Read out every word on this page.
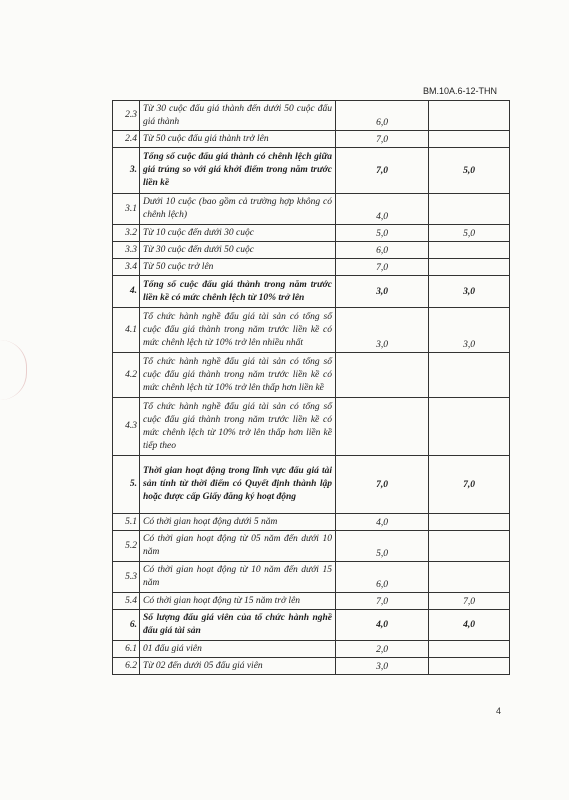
BM.10A.6-12-THN
2.3	Từ 30 cuộc đấu giá thành đến dưới 50 cuộc đấu giá thành	6,0	
2.4	Từ 50 cuộc đấu giá thành trở lên	7,0	
3.	Tổng số cuộc đấu giá thành có chênh lệch giữa giá trúng so với giá khởi điểm trong năm trước liền kề	7,0	5,0
3.1	Dưới 10 cuộc (bao gồm cả trường hợp không có chênh lệch)	4,0	
3.2	Từ 10 cuộc đến dưới 30 cuộc	5,0	5,0
3.3	Từ 30 cuộc đến dưới 50 cuộc	6,0	
3.4	Từ 50 cuộc trở lên	7,0	
4.	Tổng số cuộc đấu giá thành trong năm trước liền kề có mức chênh lệch từ 10% trở lên	3,0	3,0
4.1	Tổ chức hành nghề đấu giá tài sản có tổng số cuộc đấu giá thành trong năm trước liền kề có mức chênh lệch từ 10% trở lên nhiều nhất	3,0	3,0
4.2	Tổ chức hành nghề đấu giá tài sản có tổng số cuộc đấu giá thành trong năm trước liền kề có mức chênh lệch từ 10% trở lên thấp hơn liền kề		
4.3	Tổ chức hành nghề đấu giá tài sản có tổng số cuộc đấu giá thành trong năm trước liền kề có mức chênh lệch từ 10% trở lên thấp hơn liền kề tiếp theo		
5.	Thời gian hoạt động trong lĩnh vực đấu giá tài sản tính từ thời điểm có Quyết định thành lập hoặc được cấp Giấy đăng ký hoạt động	7,0	7,0
5.1	Có thời gian hoạt động dưới 5 năm	4,0	
5.2	Có thời gian hoạt động từ 05 năm đến dưới 10 năm	5,0	
5.3	Có thời gian hoạt động từ 10 năm đến dưới 15 năm	6,0	
5.4	Có thời gian hoạt động từ 15 năm trở lên	7,0	7,0
6.	Số lượng đấu giá viên của tổ chức hành nghề đấu giá tài sản	4,0	4,0
6.1	01 đấu giá viên	2,0	
6.2	Từ 02 đến dưới 05 đấu giá viên	3,0	
4
